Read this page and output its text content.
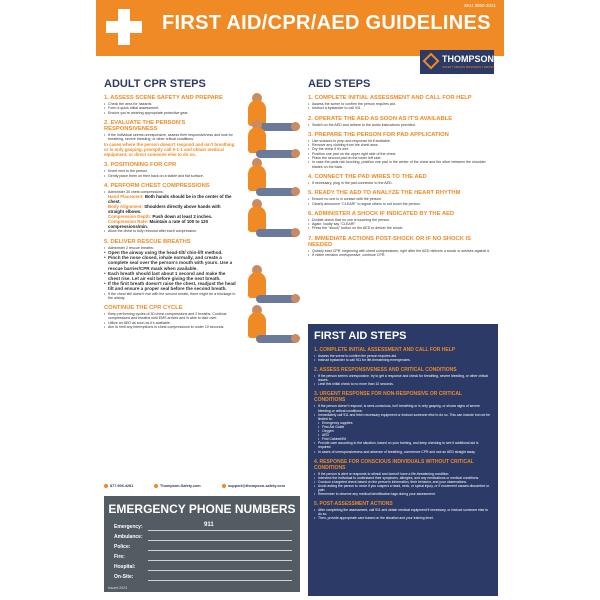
FIRST AID/CPR/AED GUIDELINES
SKU 3060-2021
THOMPSON
SAFETY MEANS BUSINESS THRIVES
ADULT CPR STEPS
1. ASSESS SCENE SAFETY AND PREPARE
• Check the area for hazards.
• Form a quick initial assessment.
• Ensure you're wearing appropriate protective gear.
2. EVALUATE THE PERSON'S RESPONSIVENESS
• If the individual seems unresponsive, assess their responsiveness and look for breathing, severe bleeding, or other critical conditions.
In cases where the person doesn't respond and isn't breathing or is only gasping, promptly call 9-1-1 and obtain medical equipment, or direct someone else to do so.
3. POSITIONING FOR CPR
• Kneel next to the person.
• Gently place them on their back on a stable and flat surface.
4. PERFORM CHEST COMPRESSIONS
• Administer 30 chest compressions:
Hand Placement: Both hands should be in the center of the chest.
Body Alignment: Shoulders directly above hands with straight elbows.
Compression Depth: Push down at least 2 inches.
Compression Rate: Maintain a rate of 100 to 120 compressions/min.
• Allow the chest to fully rebound after each compression.
5. DELIVER RESCUE BREATHS
• Administer 2 rescue breaths:
• Open the airway using the head-tilt/ chin-lift method.
• Pinch the nose closed, inhale normally, and create a complete seal over the person's mouth with yours. Use a rescue barrier/CPR mask when available.
• Each breath should last about 1 second and make the chest rise. Let air exit before giving the next breath.
• If the first breath doesn't raise the chest, readjust the head tilt and ensure a proper seal before the second breath.
• If the chest still doesn't rise with the second breath, there might be a blockage in the airway.
CONTINUE THE CPR CYCLE
• Keep performing cycles of 30 chest compressions and 2 breaths. Continue compressions and breaths until EMS arrives and is able to take over.
• Utilize an AED as soon as it's available.
• Aim to limit any interruptions in chest compressions to under 10 seconds.
877.906.4281	Thompson-Safety.com	support@thompson-safety.com
EMERGENCY PHONE NUMBERS
Emergency:	911
Ambulance:
Police:
Fire:
Hospital:
On-Site:
Issued 2024
AED STEPS
1. COMPLETE INITIAL ASSESSMENT AND CALL FOR HELP
• Assess the scene to confirm the person requires aid.
• Instruct a bystander to call 911.
2. OPERATE THE AED AS SOON AS IT'S AVAILABLE
• Switch on the AED and adhere to the audio instructions provided.
3. PREPARE THE PERSON FOR PAD APPLICATION
• Use scissors in prep and response kit if available.
• Remove any clothing from the chest area.
• Dry the chest if it's wet.
• Position one pad on the upper right side of the chest.
• Place the second pad on the lower left side.
• In case the pads risk touching, position one pad in the center of the chest and the other between the shoulder blades on the back.
4. CONNECT THE PAD WIRES TO THE AED
• If necessary, plug in the pad connector to the AED.
5. READY THE AED TO ANALYZE THE HEART RHYTHM
• Ensure no one is in contact with the person.
• Clearly announce "CLEAR!" to signal others to not touch the person.
6. ADMINISTER A SHOCK IF INDICATED BY THE AED
• Double-check that no one is touching the person.
• Again, loudly say "CLEAR!"
• Press the "shock" button on the AED to deliver the shock.
7. IMMEDIATE ACTIONS POST-SHOCK OR IF NO SHOCK IS NEEDED
• Quickly start CPR, beginning with chest compressions, right after the AED delivers a shock or advises against it.
• If victim remains unresponsive, continue CPR.
FIRST AID STEPS
1. COMPLETE INITIAL ASSESSMENT AND CALL FOR HELP
• Assess the scene to confirm the person requires aid.
• Instruct bystander to call 911 for life-threatening emergencies.
2. ASSESS RESPONSIVENESS AND CRITICAL CONDITIONS
• If the person seems unresponsive, try to get a response and check for breathing, severe bleeding, or other critical issues.
• Limit this initial check to no more than 10 seconds.
3. URGENT RESPONSE FOR NON-RESPONSIVE OR CRITICAL CONDITIONS
• If the person doesn't respond, is semi-conscious, isn't breathing or is only gasping, or shows signs of severe bleeding or critical conditions:
• Immediately call 911 and fetch necessary equipment or instruct someone else to do so. This can include but not be limited to:
• Emergency supplies
• First Aid Guide
• Oxygen
• AED
• First Cabinet/Kit
• Provide care according to the situation, based on your training, and keep checking to see if additional aid is required.
• In cases of unresponsiveness and absence of breathing, commence CPR and use an AED straight away.
4. RESPONSE FOR CONSCIOUS INDIVIDUALS WITHOUT CRITICAL CONDITIONS
• If the person is alert or responds to stimuli and doesn't have a life-threatening condition:
• Interview the individual to understand their symptoms, allergies, and any medications or medical conditions.
• Conduct a targeted check based on the person's information, their behavior, and your observations.
• Avoid asking the person to move if you suspect a head, neck, or spinal injury, or if movement causes discomfort or pain.
• Remember to observe any medical identification tags during your assessment.
5. POST-ASSESSMENT ACTIONS
• After completing the assessment, call 911 and obtain medical equipment if necessary, or instruct someone else to do so.
• Then, provide appropriate care based on the situation and your training level.
